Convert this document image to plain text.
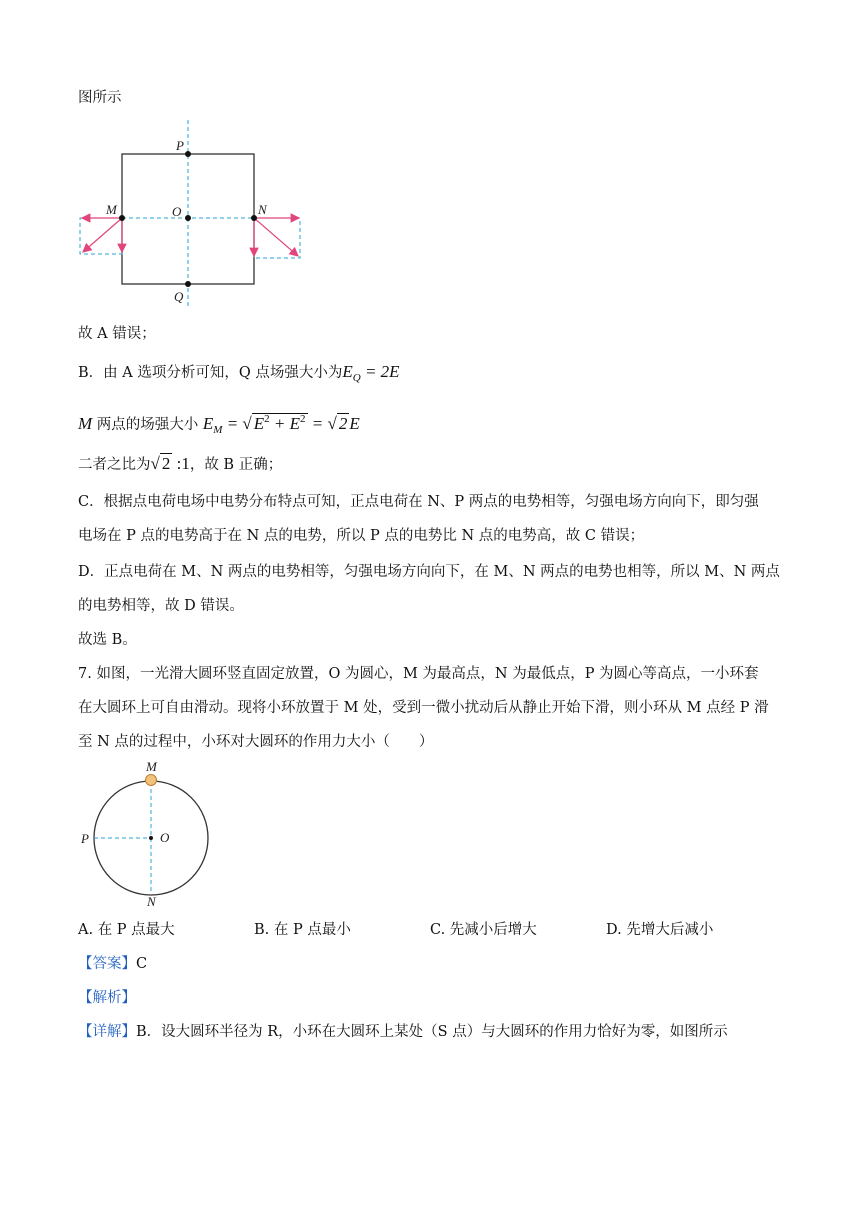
图所示
P
M	O	N
Q
故 A 错误；
B．由 A 选项分析可知，Q 点场强大小为$E_Q = 2E$
M 两点的场强大小 $E_M$ = √ $E^2 + E^2$ = √ 2 E
二者之比为√ 2 :1，故 B 正确；
C．根据点电荷电场中电势分布特点可知，正点电荷在 N、P 两点的电势相等，匀强电场方向向下，即匀强
电场在 P 点的电势高于在 N 点的电势，所以 P 点的电势比 N 点的电势高，故 C 错误；
D．正点电荷在 M、N 两点的电势相等，匀强电场方向向下，在 M、N 两点的电势也相等，所以 M、N 两点
的电势相等，故 D 错误。
故选 B。
7. 如图，一光滑大圆环竖直固定放置，O 为圆心，M 为最高点，N 为最低点，P 为圆心等高点，一小环套
在大圆环上可自由滑动。现将小环放置于 M 处，受到一微小扰动后从静止开始下滑，则小环从 M 点经 P 滑
至 N 点的过程中，小环对大圆环的作用力大小（　　）
M
P	O
N
A. 在 P 点最大	B. 在 P 点最小	C. 先减小后增大	D. 先增大后减小
【答案】C
【解析】
【详解】B．设大圆环半径为 R，小环在大圆环上某处（S 点）与大圆环的作用力恰好为零，如图所示
